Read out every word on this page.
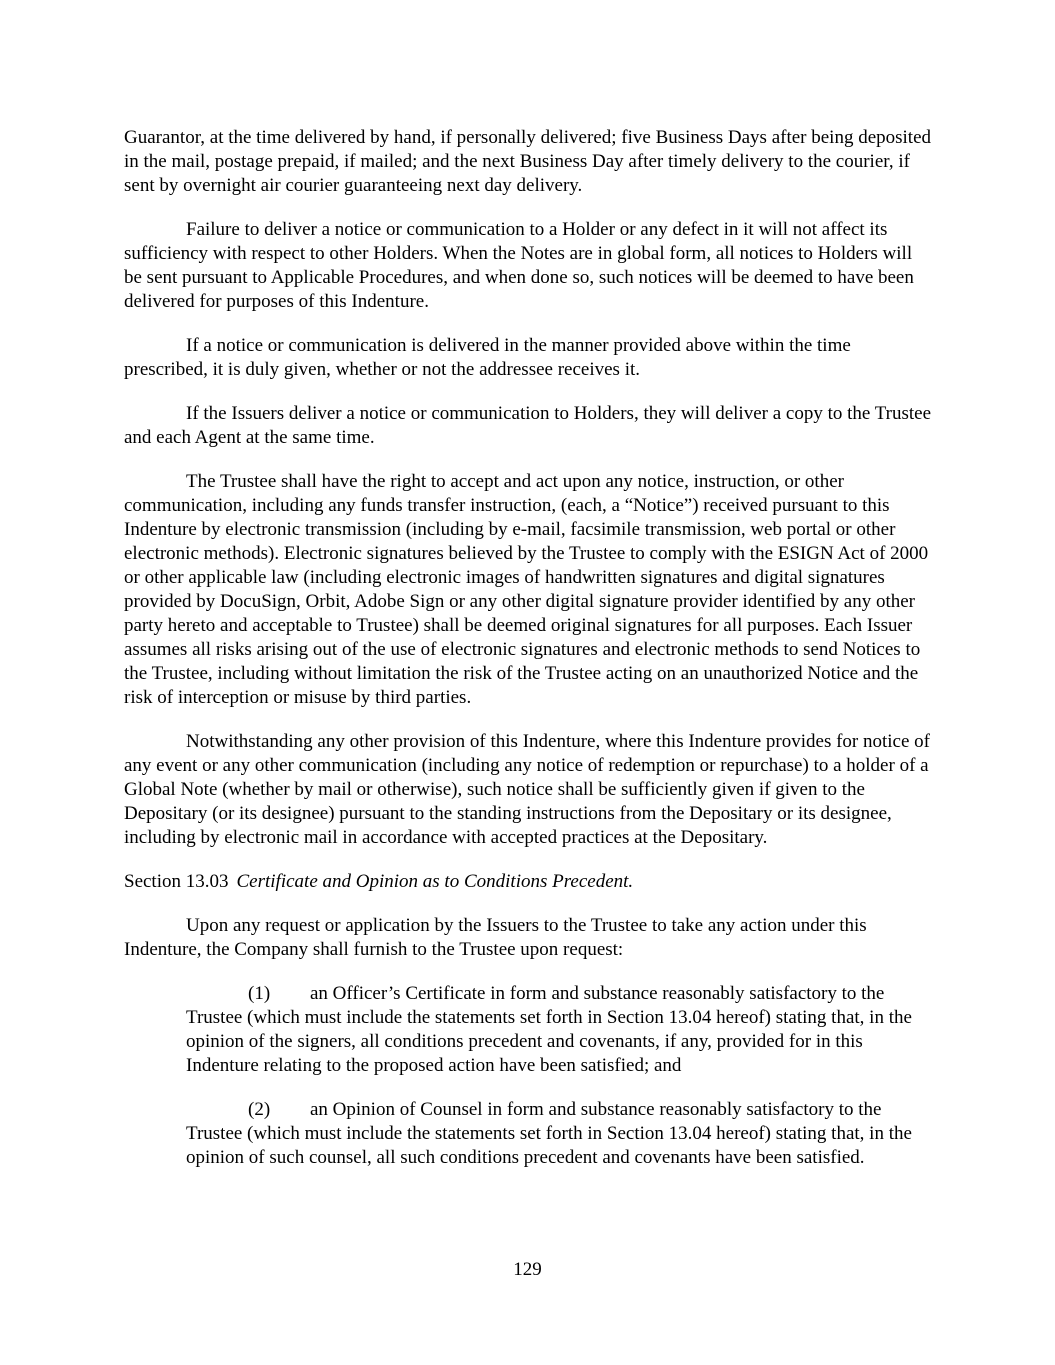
Guarantor, at the time delivered by hand, if personally delivered; five Business Days after being deposited in the mail, postage prepaid, if mailed; and the next Business Day after timely delivery to the courier, if sent by overnight air courier guaranteeing next day delivery.

Failure to deliver a notice or communication to a Holder or any defect in it will not affect its sufficiency with respect to other Holders. When the Notes are in global form, all notices to Holders will be sent pursuant to Applicable Procedures, and when done so, such notices will be deemed to have been delivered for purposes of this Indenture.

If a notice or communication is delivered in the manner provided above within the time prescribed, it is duly given, whether or not the addressee receives it.

If the Issuers deliver a notice or communication to Holders, they will deliver a copy to the Trustee and each Agent at the same time.

The Trustee shall have the right to accept and act upon any notice, instruction, or other communication, including any funds transfer instruction, (each, a “Notice”) received pursuant to this Indenture by electronic transmission (including by e-mail, facsimile transmission, web portal or other electronic methods). Electronic signatures believed by the Trustee to comply with the ESIGN Act of 2000 or other applicable law (including electronic images of handwritten signatures and digital signatures provided by DocuSign, Orbit, Adobe Sign or any other digital signature provider identified by any other party hereto and acceptable to Trustee) shall be deemed original signatures for all purposes. Each Issuer assumes all risks arising out of the use of electronic signatures and electronic methods to send Notices to the Trustee, including without limitation the risk of the Trustee acting on an unauthorized Notice and the risk of interception or misuse by third parties.

Notwithstanding any other provision of this Indenture, where this Indenture provides for notice of any event or any other communication (including any notice of redemption or repurchase) to a holder of a Global Note (whether by mail or otherwise), such notice shall be sufficiently given if given to the Depositary (or its designee) pursuant to the standing instructions from the Depositary or its designee, including by electronic mail in accordance with accepted practices at the Depositary.

Section 13.03 Certificate and Opinion as to Conditions Precedent.

Upon any request or application by the Issuers to the Trustee to take any action under this Indenture, the Company shall furnish to the Trustee upon request:

(1) an Officer’s Certificate in form and substance reasonably satisfactory to the Trustee (which must include the statements set forth in Section 13.04 hereof) stating that, in the opinion of the signers, all conditions precedent and covenants, if any, provided for in this Indenture relating to the proposed action have been satisfied; and

(2) an Opinion of Counsel in form and substance reasonably satisfactory to the Trustee (which must include the statements set forth in Section 13.04 hereof) stating that, in the opinion of such counsel, all such conditions precedent and covenants have been satisfied.

129
